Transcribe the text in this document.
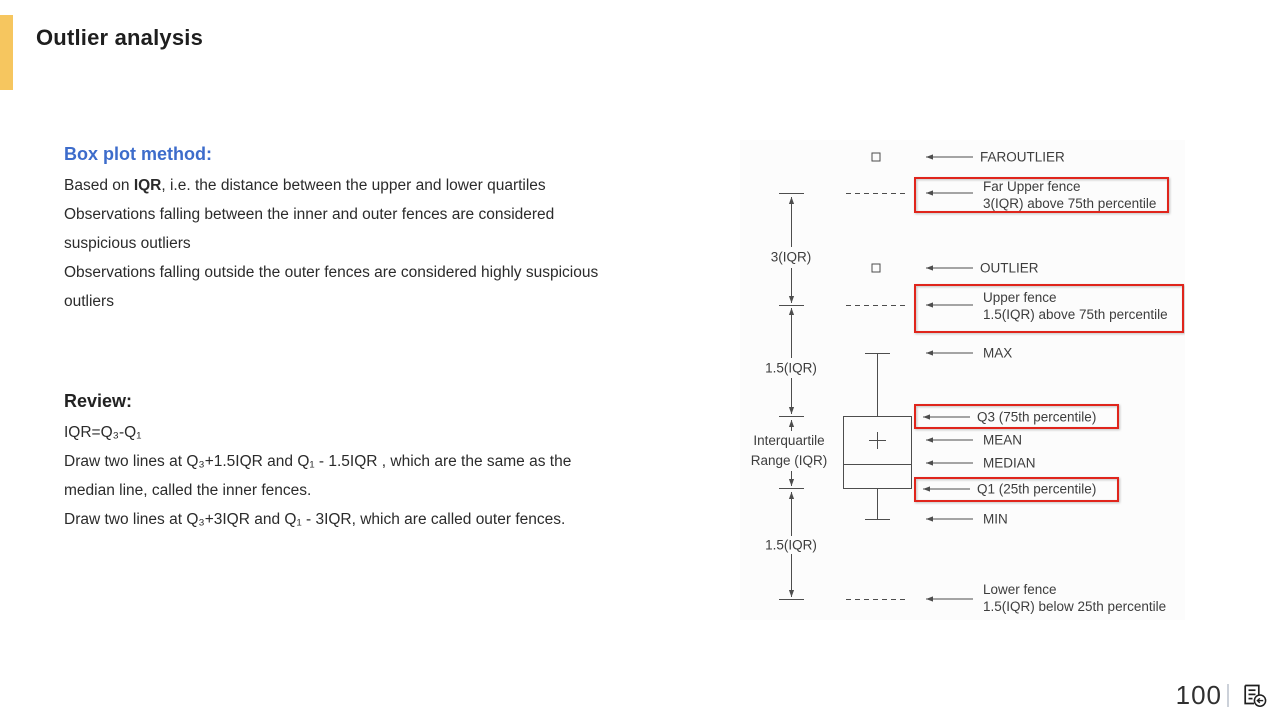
Outlier analysis
Box plot method:
Based on IQR, i.e. the distance between the upper and lower quartiles
Observations falling between the inner and outer fences are considered
suspicious outliers
Observations falling outside the outer fences are considered highly suspicious
outliers
Review:
IQR=Q₃-Q₁
Draw two lines at Q₃+1.5IQR and Q₁ - 1.5IQR , which are the same as the
median line, called the inner fences.
Draw two lines at Q₃+3IQR and Q₁ - 3IQR, which are called outer fences.
FAROUTLIER
Far Upper fence
3(IQR) above 75th percentile
OUTLIER
Upper fence
1.5(IQR) above 75th percentile
MAX
Q3 (75th percentile)
MEAN
MEDIAN
Q1 (25th percentile)
MIN
Lower fence
1.5(IQR) below 25th percentile
3(IQR)
1.5(IQR)
Interquartile
Range (IQR)
1.5(IQR)
100
